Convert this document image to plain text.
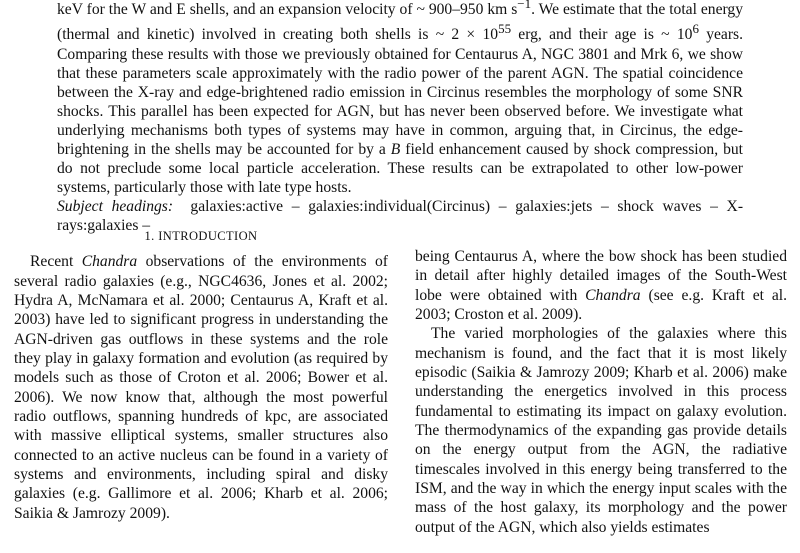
keV for the W and E shells, and an expansion velocity of ~ 900–950 km $s^{-1}$. We estimate that the total energy (thermal and kinetic) involved in creating both shells is ~ $2 \times 10^{55}$ erg, and their age is ~ $10^6$ years. Comparing these results with those we previously obtained for Centaurus A, NGC 3801 and Mrk 6, we show that these parameters scale approximately with the radio power of the parent AGN. The spatial coincidence between the X-ray and edge-brightened radio emission in Circinus resembles the morphology of some SNR shocks. This parallel has been expected for AGN, but has never been observed before. We investigate what underlying mechanisms both types of systems may have in common, arguing that, in Circinus, the edge-brightening in the shells may be accounted for by a B field enhancement caused by shock compression, but do not preclude some local particle acceleration. These results can be extrapolated to other low-power systems, particularly those with late type hosts.

Subject headings: galaxies:active – galaxies:individual(Circinus) – galaxies:jets – shock waves – X-rays:galaxies –

1. INTRODUCTION

Recent Chandra observations of the environments of several radio galaxies (e.g., NGC4636, Jones et al. 2002; Hydra A, McNamara et al. 2000; Centaurus A, Kraft et al. 2003) have led to significant progress in understanding the AGN-driven gas outflows in these systems and the role they play in galaxy formation and evolution (as required by models such as those of Croton et al. 2006; Bower et al. 2006). We now know that, although the most powerful radio outflows, spanning hundreds of kpc, are associated with massive elliptical systems, smaller structures also connected to an active nucleus can be found in a variety of systems and environments, including spiral and disky galaxies (e.g. Gallimore et al. 2006; Kharb et al. 2006; Saikia & Jamrozy 2009).

being Centaurus A, where the bow shock has been studied in detail after highly detailed images of the South-West lobe were obtained with Chandra (see e.g. Kraft et al. 2003; Croston et al. 2009).

The varied morphologies of the galaxies where this mechanism is found, and the fact that it is most likely episodic (Saikia & Jamrozy 2009; Kharb et al. 2006) make understanding the energetics involved in this process fundamental to estimating its impact on galaxy evolution. The thermodynamics of the expanding gas provide details on the energy output from the AGN, the radiative timescales involved in this energy being transferred to the ISM, and the way in which the energy input scales with the mass of the host galaxy, its morphology and the power output of the AGN, which also yields estimates
